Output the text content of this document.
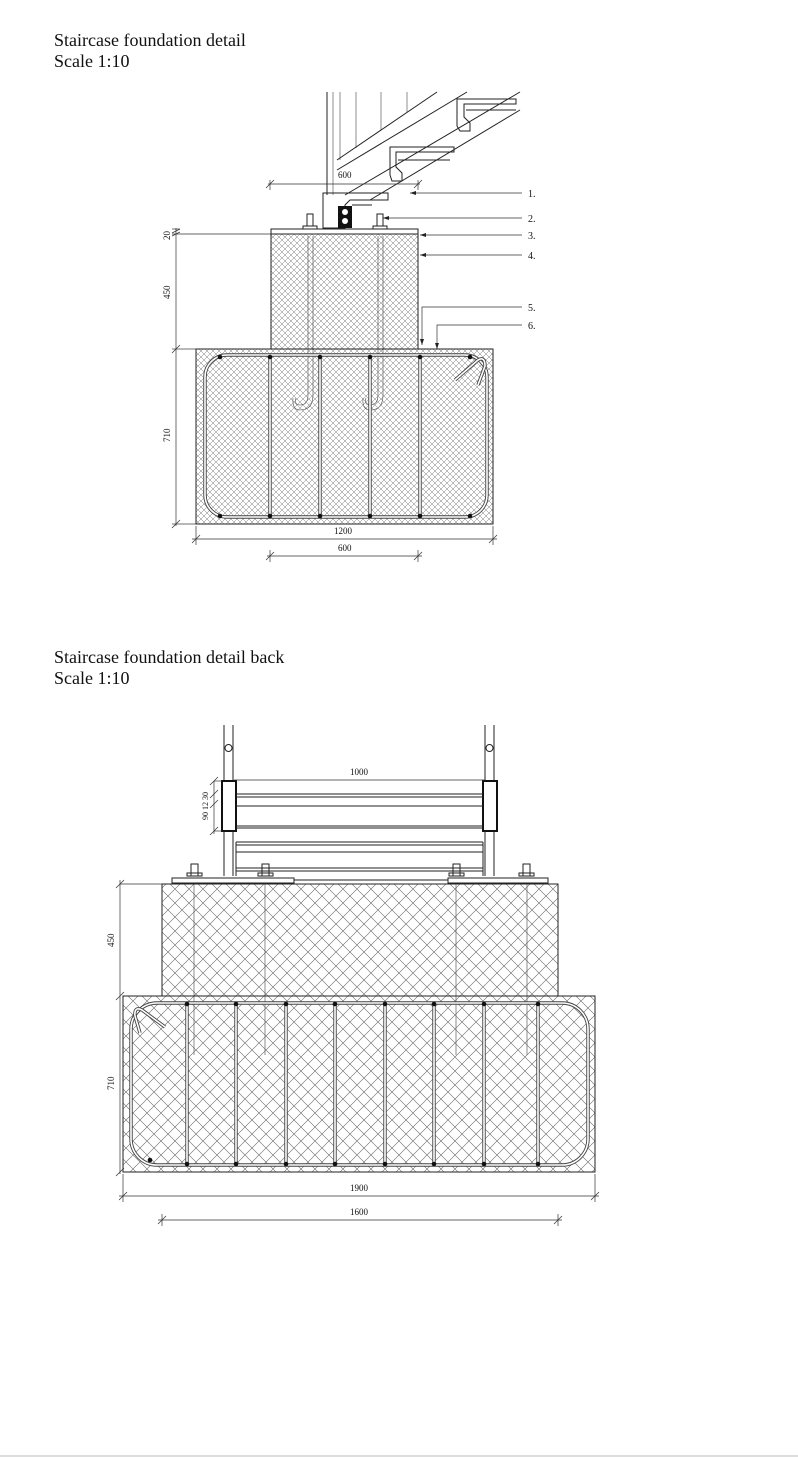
Staircase foundation detail
Scale 1:10
Staircase foundation detail back
Scale 1:10
1.
2.
3.
4.
5.
6.
600
20
450
710
1200
600
1000
90 12 30
450
710
1900
1600
